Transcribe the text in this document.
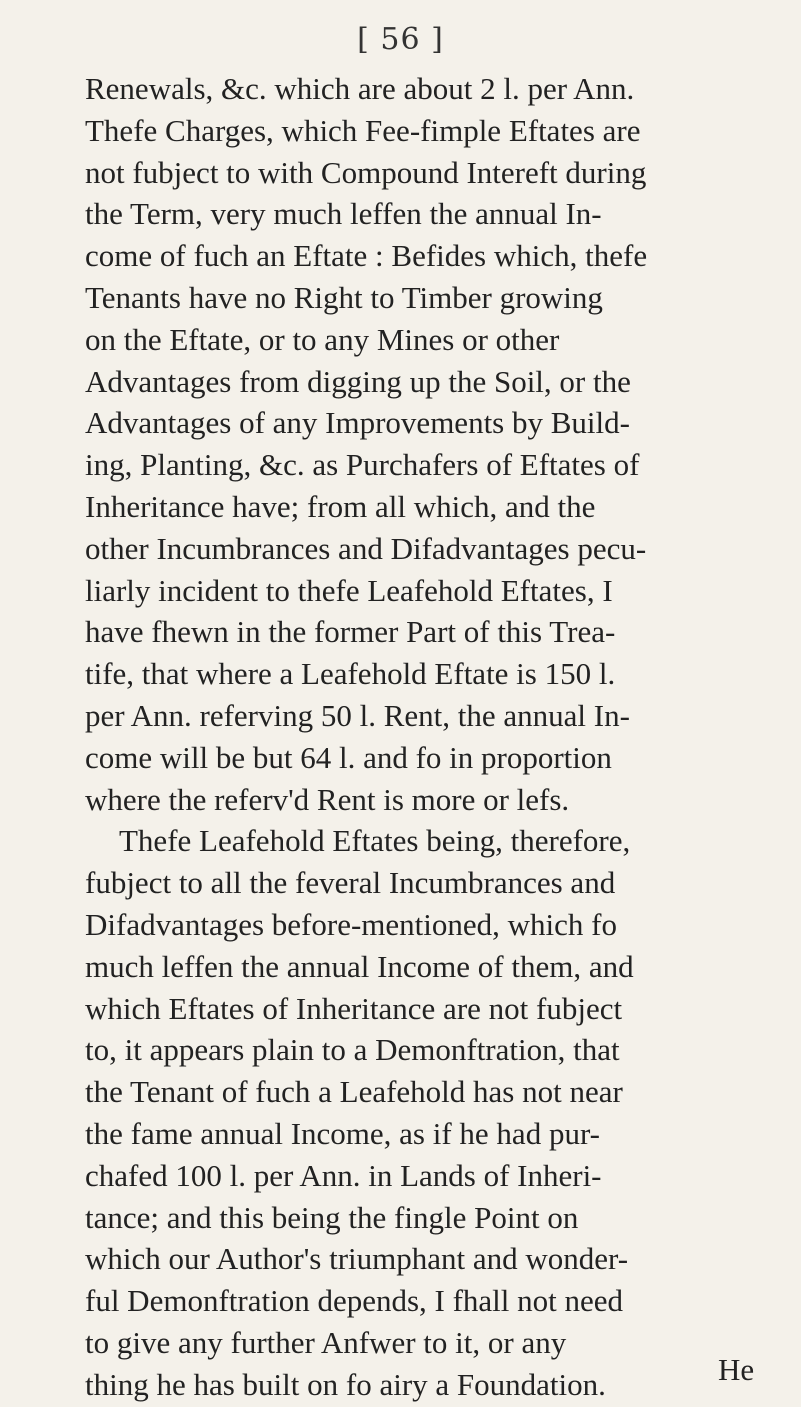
[ 56 ]
Renewals, &c. which are about 2 l. per Ann.
Thefe Charges, which Fee-fimple Eftates are
not fubject to with Compound Intereft during
the Term, very much leffen the annual In-
come of fuch an Eftate : Befides which, thefe
Tenants have no Right to Timber growing
on the Eftate, or to any Mines or other
Advantages from digging up the Soil, or the
Advantages of any Improvements by Build-
ing, Planting, &c. as Purchafers of Eftates of
Inheritance have; from all which, and the
other Incumbrances and Difadvantages pecu-
liarly incident to thefe Leafehold Eftates, I
have fhewn in the former Part of this Trea-
tife, that where a Leafehold Eftate is 150 l.
per Ann. referving 50 l. Rent, the annual In-
come will be but 64 l. and fo in proportion
where the referv'd Rent is more or lefs.
Thefe Leafehold Eftates being, therefore,
fubject to all the feveral Incumbrances and
Difadvantages before-mentioned, which fo
much leffen the annual Income of them, and
which Eftates of Inheritance are not fubject
to, it appears plain to a Demonftration, that
the Tenant of fuch a Leafehold has not near
the fame annual Income, as if he had pur-
chafed 100 l. per Ann. in Lands of Inheri-
tance; and this being the fingle Point on
which our Author's triumphant and wonder-
ful Demonftration depends, I fhall not need
to give any further Anfwer to it, or any
thing he has built on fo airy a Foundation.	He
